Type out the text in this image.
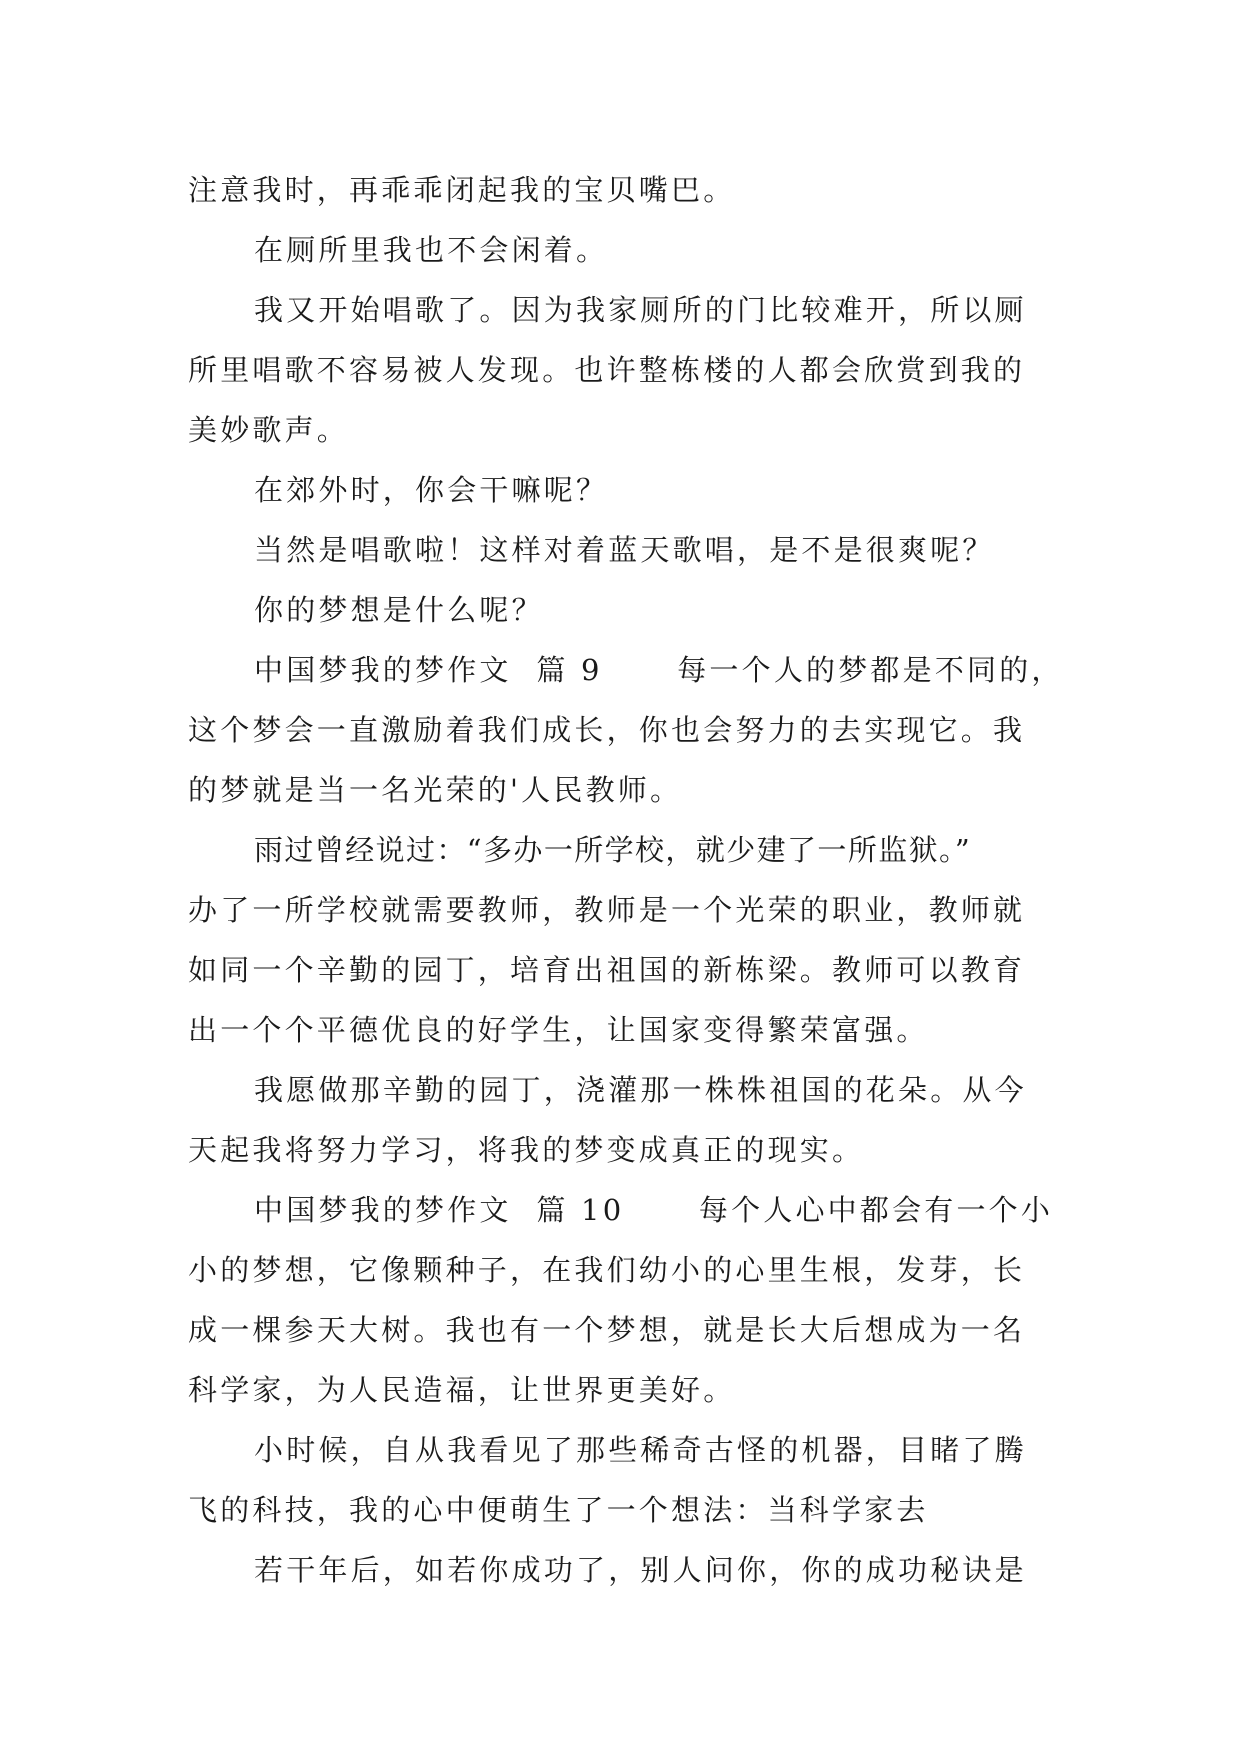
注意我时，再乖乖闭起我的宝贝嘴巴。
在厕所里我也不会闲着。
我又开始唱歌了。因为我家厕所的门比较难开，所以厕
所里唱歌不容易被人发现。也许整栋楼的人都会欣赏到我的
美妙歌声。
在郊外时，你会干嘛呢？
当然是唱歌啦！这样对着蓝天歌唱，是不是很爽呢？
你的梦想是什么呢？
中国梦我的梦作文  篇 9      每一个人的梦都是不同的，
这个梦会一直激励着我们成长，你也会努力的去实现它。我
的梦就是当一名光荣的'人民教师。
雨过曾经说过：“多办一所学校，就少建了一所监狱。”
办了一所学校就需要教师，教师是一个光荣的职业，教师就
如同一个辛勤的园丁，培育出祖国的新栋梁。教师可以教育
出一个个平德优良的好学生，让国家变得繁荣富强。
我愿做那辛勤的园丁，浇灌那一株株祖国的花朵。从今
天起我将努力学习，将我的梦变成真正的现实。
中国梦我的梦作文  篇 10      每个人心中都会有一个小
小的梦想，它像颗种子，在我们幼小的心里生根，发芽，长
成一棵参天大树。我也有一个梦想，就是长大后想成为一名
科学家，为人民造福，让世界更美好。
小时候，自从我看见了那些稀奇古怪的机器，目睹了腾
飞的科技，我的心中便萌生了一个想法：当科学家去
若干年后，如若你成功了，别人问你，你的成功秘诀是
